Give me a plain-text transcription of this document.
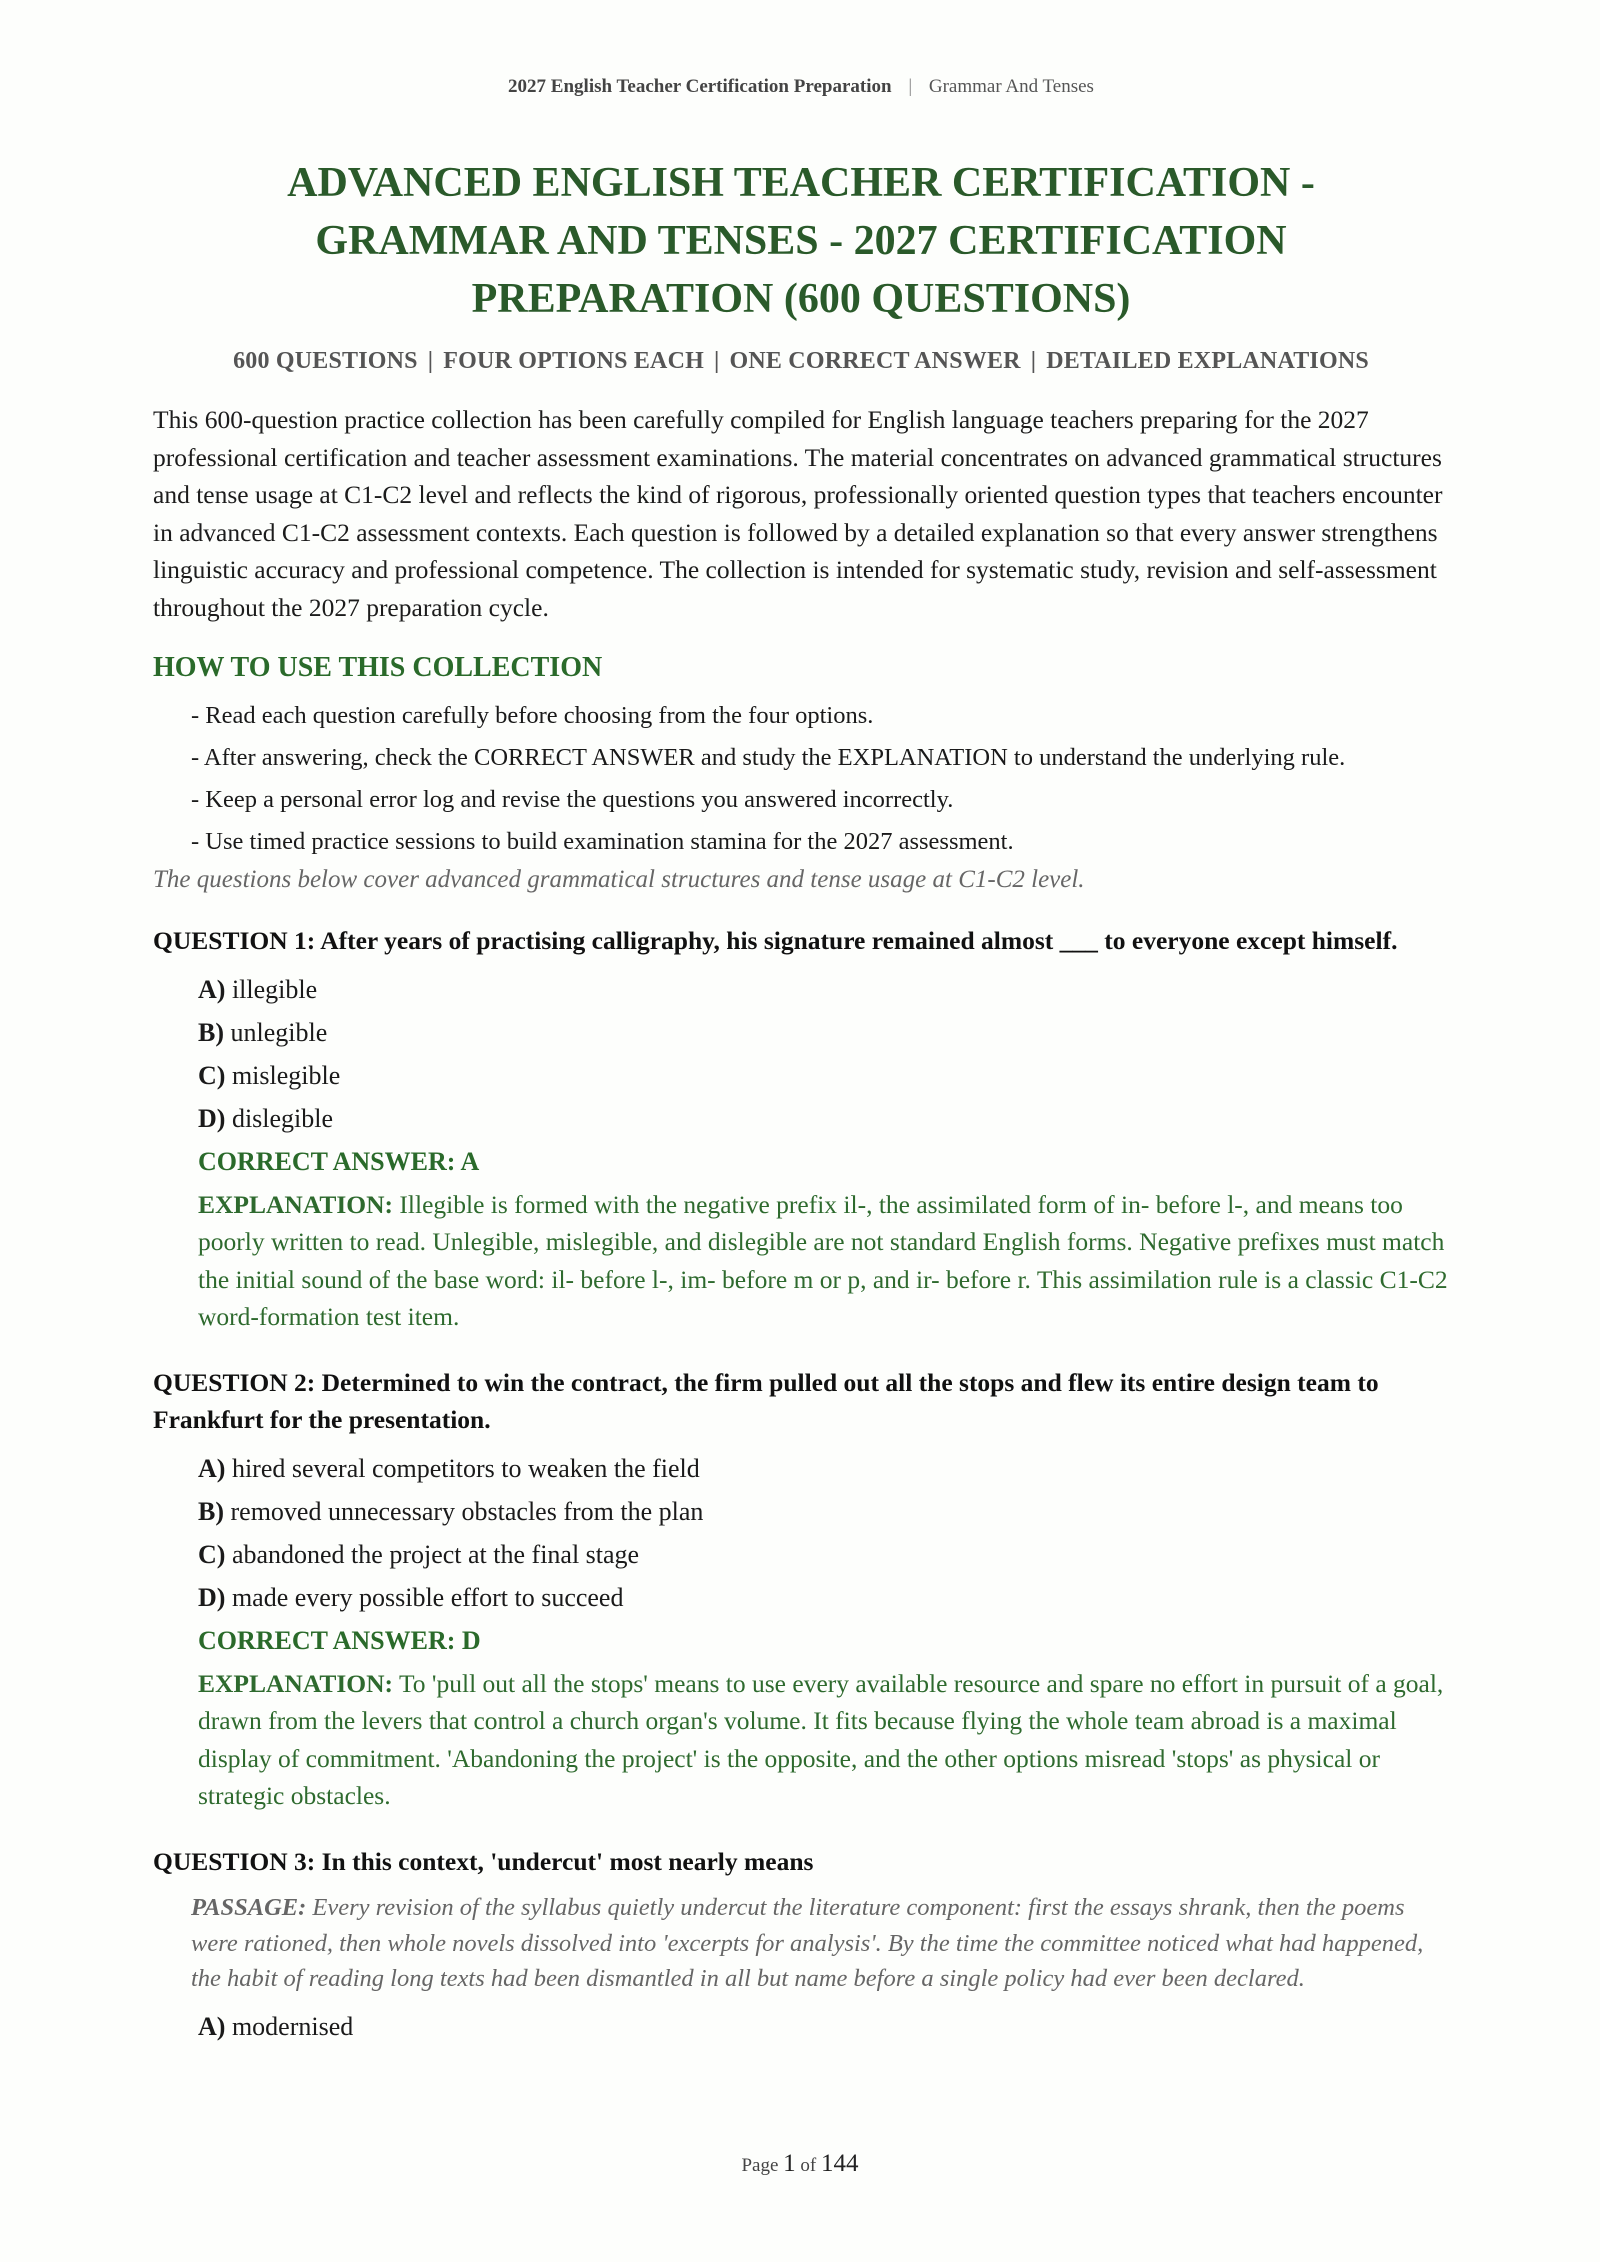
2027 English Teacher Certification Preparation | Grammar And Tenses
ADVANCED ENGLISH TEACHER CERTIFICATION - GRAMMAR AND TENSES - 2027 CERTIFICATION PREPARATION (600 QUESTIONS)
600 QUESTIONS | FOUR OPTIONS EACH | ONE CORRECT ANSWER | DETAILED EXPLANATIONS
This 600-question practice collection has been carefully compiled for English language teachers preparing for the 2027 professional certification and teacher assessment examinations. The material concentrates on advanced grammatical structures and tense usage at C1-C2 level and reflects the kind of rigorous, professionally oriented question types that teachers encounter in advanced C1-C2 assessment contexts. Each question is followed by a detailed explanation so that every answer strengthens linguistic accuracy and professional competence. The collection is intended for systematic study, revision and self-assessment throughout the 2027 preparation cycle.
HOW TO USE THIS COLLECTION
- Read each question carefully before choosing from the four options.
- After answering, check the CORRECT ANSWER and study the EXPLANATION to understand the underlying rule.
- Keep a personal error log and revise the questions you answered incorrectly.
- Use timed practice sessions to build examination stamina for the 2027 assessment.
The questions below cover advanced grammatical structures and tense usage at C1-C2 level.
QUESTION 1: After years of practising calligraphy, his signature remained almost ___ to everyone except himself.
A) illegible
B) unlegible
C) mislegible
D) dislegible
CORRECT ANSWER: A
EXPLANATION: Illegible is formed with the negative prefix il-, the assimilated form of in- before l-, and means too poorly written to read. Unlegible, mislegible, and dislegible are not standard English forms. Negative prefixes must match the initial sound of the base word: il- before l-, im- before m or p, and ir- before r. This assimilation rule is a classic C1-C2 word-formation test item.
QUESTION 2: Determined to win the contract, the firm pulled out all the stops and flew its entire design team to Frankfurt for the presentation.
A) hired several competitors to weaken the field
B) removed unnecessary obstacles from the plan
C) abandoned the project at the final stage
D) made every possible effort to succeed
CORRECT ANSWER: D
EXPLANATION: To 'pull out all the stops' means to use every available resource and spare no effort in pursuit of a goal, drawn from the levers that control a church organ's volume. It fits because flying the whole team abroad is a maximal display of commitment. 'Abandoning the project' is the opposite, and the other options misread 'stops' as physical or strategic obstacles.
QUESTION 3: In this context, 'undercut' most nearly means
PASSAGE: Every revision of the syllabus quietly undercut the literature component: first the essays shrank, then the poems were rationed, then whole novels dissolved into 'excerpts for analysis'. By the time the committee noticed what had happened, the habit of reading long texts had been dismantled in all but name before a single policy had ever been declared.
A) modernised
Page 1 of 144
